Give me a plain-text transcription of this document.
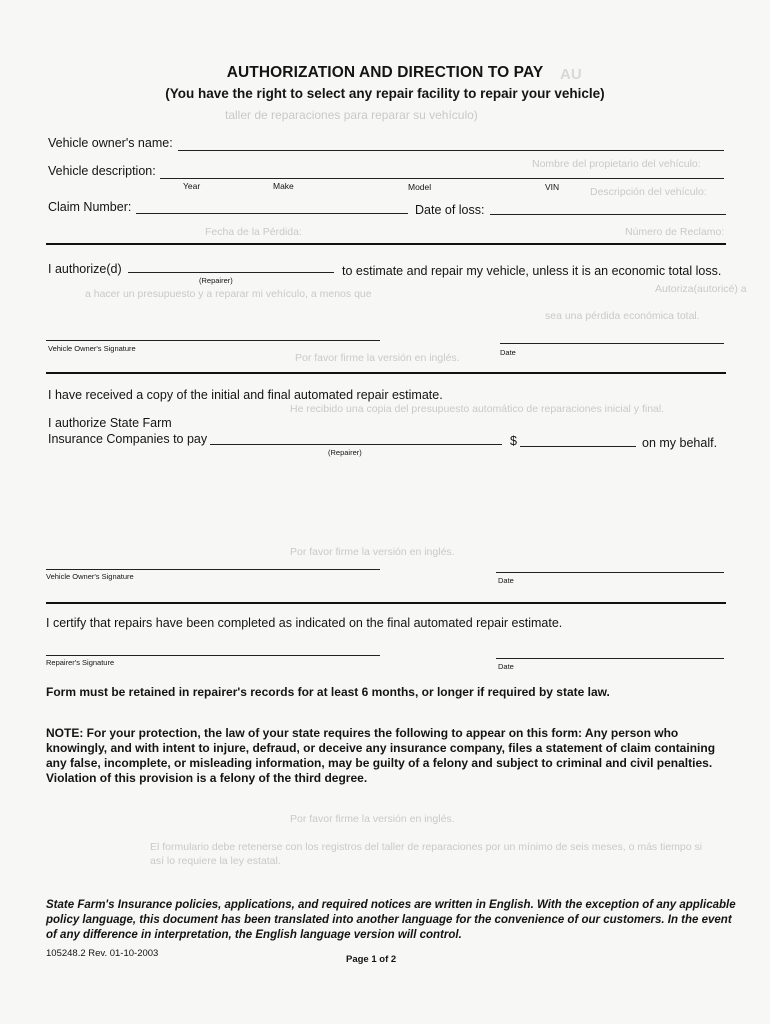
AU
taller de reparaciones para reparar su vehículo)
Nombre del propietario del vehículo:
Descripción del vehículo:
Número de Reclamo:
Fecha de la Pérdida:
Autoriza(autoricé) a
a hacer un presupuesto y a reparar mi vehículo, a menos que
sea una pérdida económica total.
Por favor firme la versión en inglés.
He recibido una copia del presupuesto automático de reparaciones inicial y final.
Por favor firme la versión en inglés.
Por favor firme la versión en inglés.
El formulario debe retenerse con los registros del taller de reparaciones por un mínimo de seis meses, o más tiempo si así lo requiere la ley estatal.
AUTHORIZATION AND DIRECTION TO PAY
(You have the right to select any repair facility to repair your vehicle)
Vehicle owner's name:
Vehicle description:
Year	Make	Model	VIN
Claim Number:	Date of loss:
I authorize(d)
(Repairer)
to estimate and repair my vehicle, unless it is an economic total loss.
Vehicle Owner's Signature	Date
I have received a copy of the initial and final automated repair estimate.
I authorize State Farm
Insurance Companies to pay
(Repairer)
$	on my behalf.
Vehicle Owner's Signature	Date
I certify that repairs have been completed as indicated on the final automated repair estimate.
Repairer's Signature	Date
Form must be retained in repairer's records for at least 6 months, or longer if required by state law.
NOTE: For your protection, the law of your state requires the following to appear on this form: Any person who knowingly, and with intent to injure, defraud, or deceive any insurance company, files a statement of claim containing any false, incomplete, or misleading information, may be guilty of a felony and subject to criminal and civil penalties. Violation of this provision is a felony of the third degree.
State Farm's Insurance policies, applications, and required notices are written in English. With the exception of any applicable policy language, this document has been translated into another language for the convenience of our customers. In the event of any difference in interpretation, the English language version will control.
105248.2 Rev. 01-10-2003
Page 1 of 2
